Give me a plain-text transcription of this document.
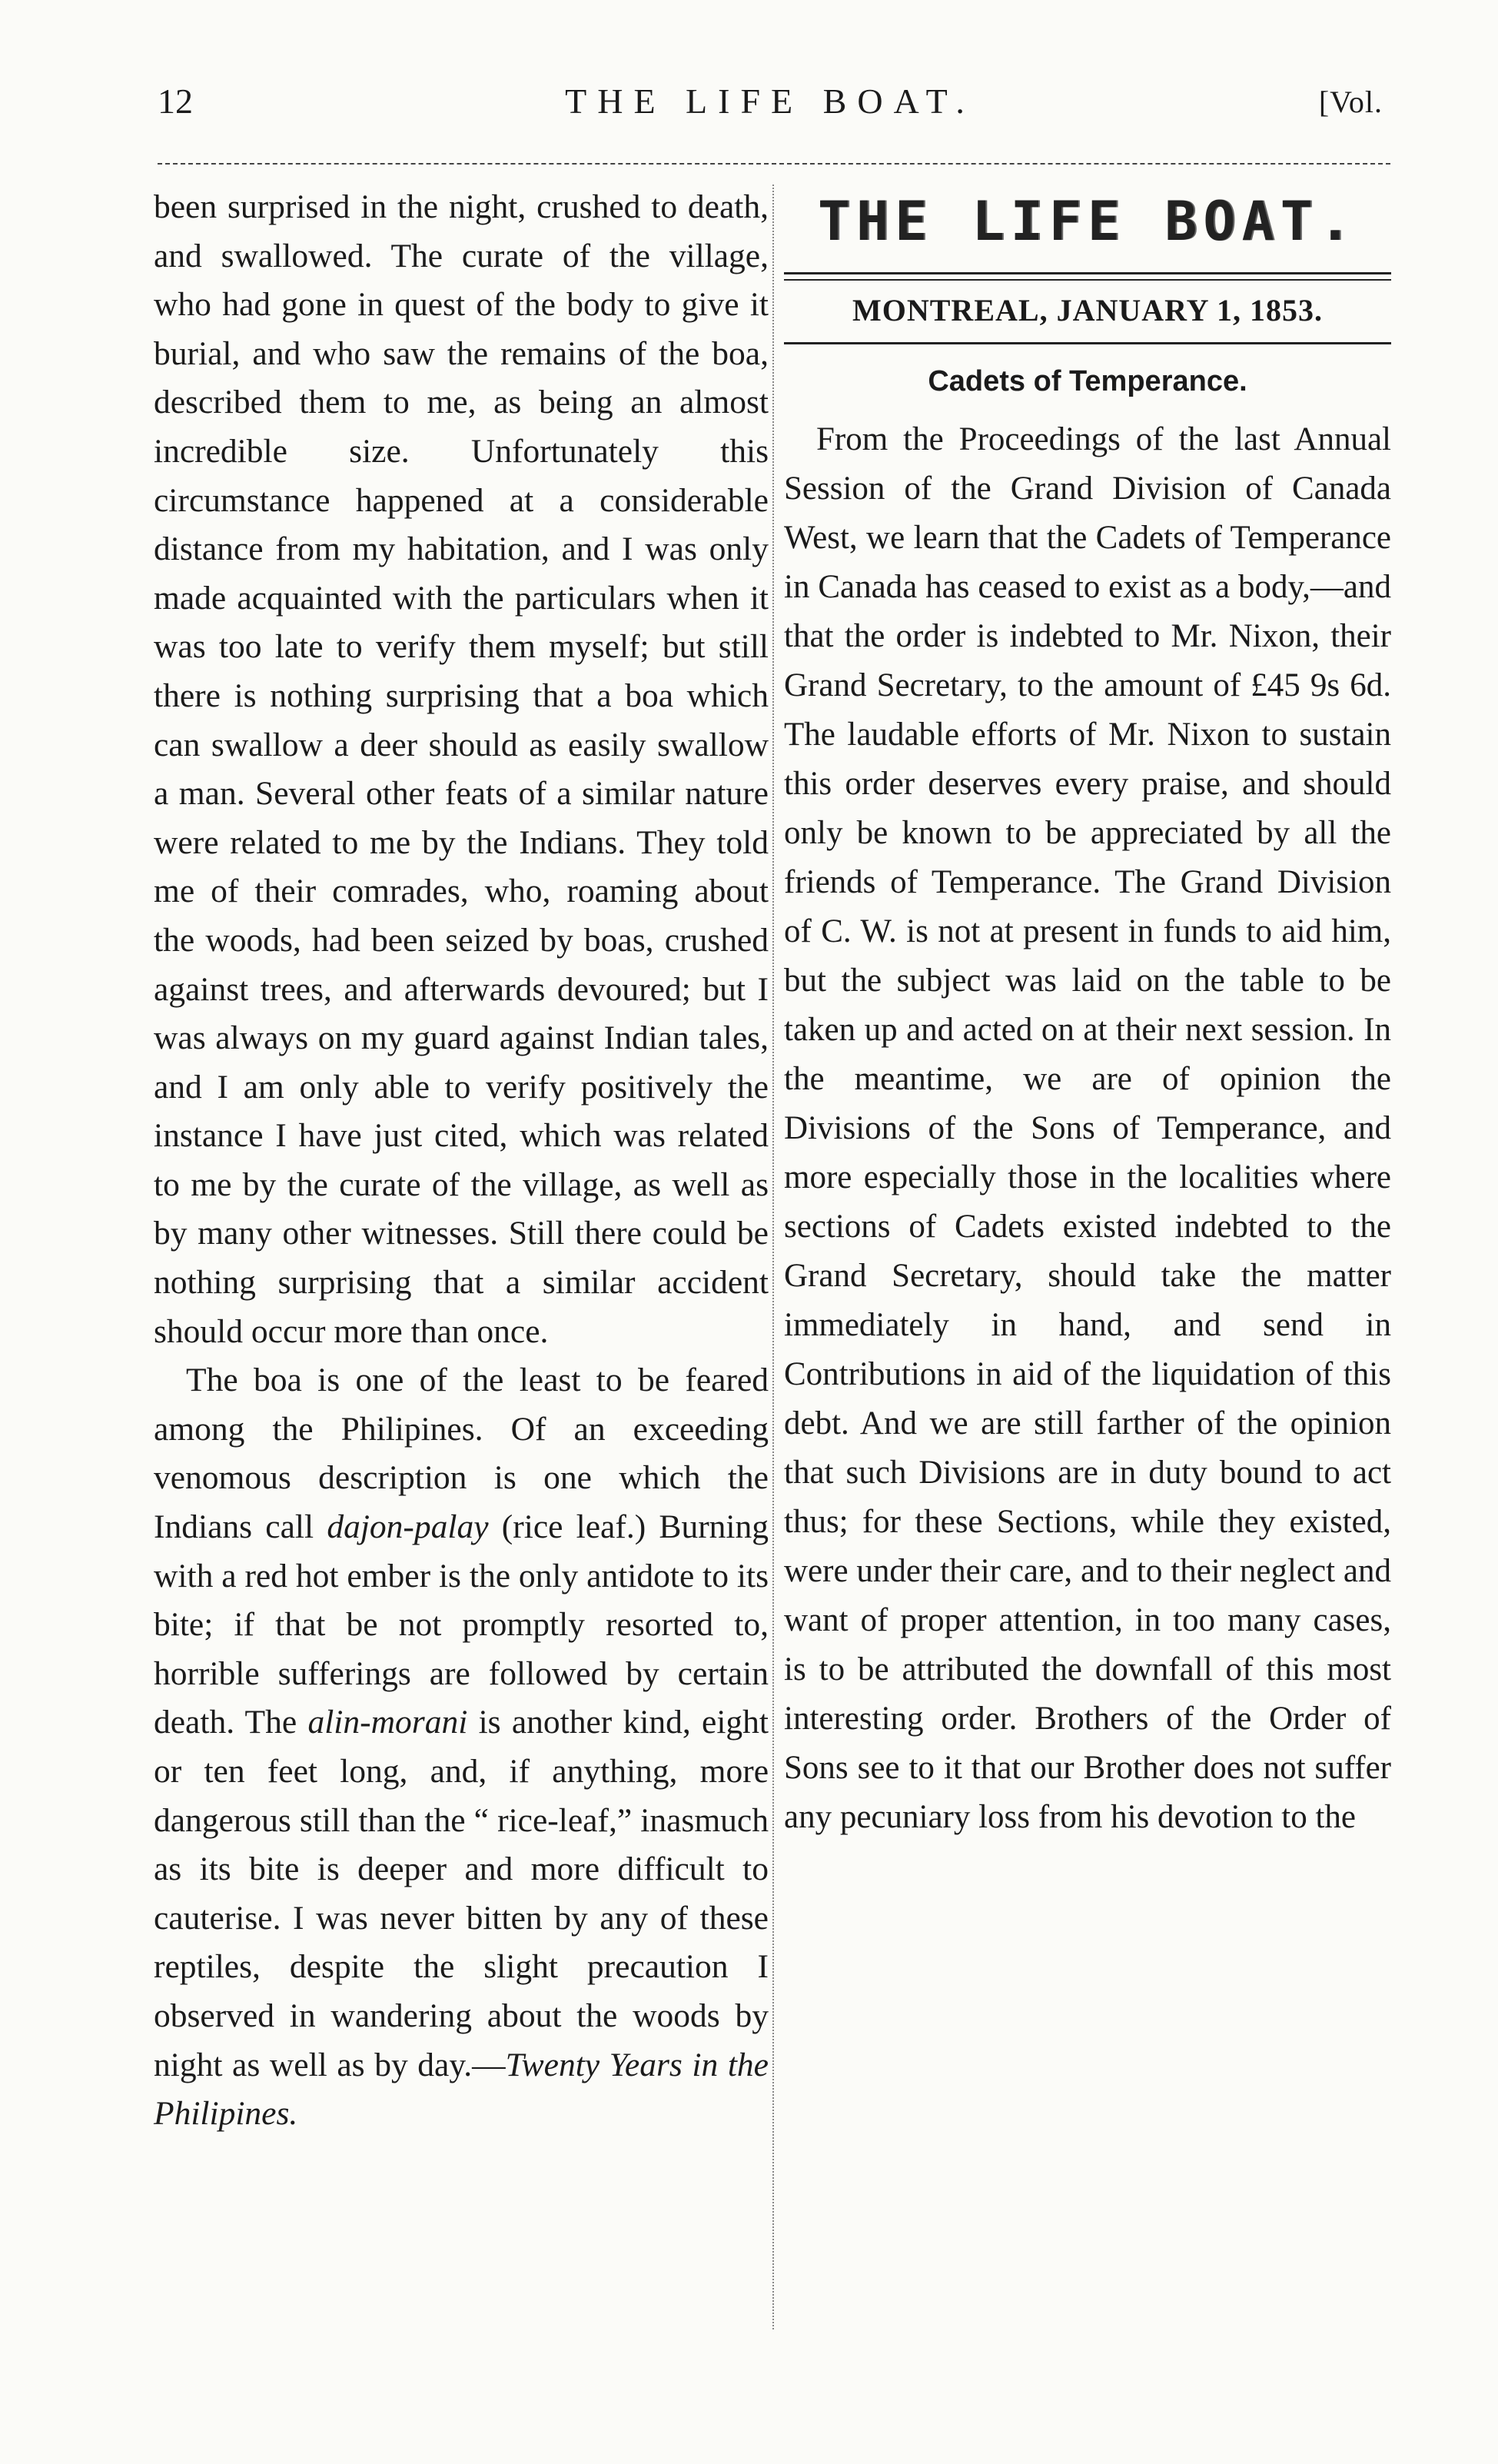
12	THE LIFE BOAT.	[Vol.

been surprised in the night, crushed to death, and swallowed. The curate of the village, who had gone in quest of the body to give it burial, and who saw the remains of the boa, described them to me, as being an almost incredible size. Unfortunately this circumstance happened at a considerable distance from my habitation, and I was only made acquainted with the particulars when it was too late to verify them myself; but still there is nothing surprising that a boa which can swallow a deer should as easily swallow a man. Several other feats of a similar nature were related to me by the Indians. They told me of their comrades, who, roaming about the woods, had been seized by boas, crushed against trees, and afterwards devoured; but I was always on my guard against Indian tales, and I am only able to verify positively the instance I have just cited, which was related to me by the curate of the village, as well as by many other witnesses. Still there could be nothing surprising that a similar accident should occur more than once.

The boa is one of the least to be feared among the Philipines. Of an exceeding venomous description is one which the Indians call dajon-palay (rice leaf.) Burning with a red hot ember is the only antidote to its bite; if that be not promptly resorted to, horrible sufferings are followed by certain death. The alin-morani is another kind, eight or ten feet long, and, if anything, more dangerous still than the “ rice-leaf,” inasmuch as its bite is deeper and more difficult to cauterise. I was never bitten by any of these reptiles, despite the slight precaution I observed in wandering about the woods by night as well as by day.—Twenty Years in the Philipines.

THE LIFE BOAT.
MONTREAL, JANUARY 1, 1853.
Cadets of Temperance.

From the Proceedings of the last Annual Session of the Grand Division of Canada West, we learn that the Cadets of Temperance in Canada has ceased to exist as a body,—and that the order is indebted to Mr. Nixon, their Grand Secretary, to the amount of £45 9s 6d. The laudable efforts of Mr. Nixon to sustain this order deserves every praise, and should only be known to be appreciated by all the friends of Temperance. The Grand Division of C. W. is not at present in funds to aid him, but the subject was laid on the table to be taken up and acted on at their next session. In the meantime, we are of opinion the Divisions of the Sons of Temperance, and more especially those in the localities where sections of Cadets existed indebted to the Grand Secretary, should take the matter immediately in hand, and send in Contributions in aid of the liquidation of this debt. And we are still farther of the opinion that such Divisions are in duty bound to act thus; for these Sections, while they existed, were under their care, and to their neglect and want of proper attention, in too many cases, is to be attributed the downfall of this most interesting order. Brothers of the Order of Sons see to it that our Brother does not suffer any pecuniary loss from his devotion to the
